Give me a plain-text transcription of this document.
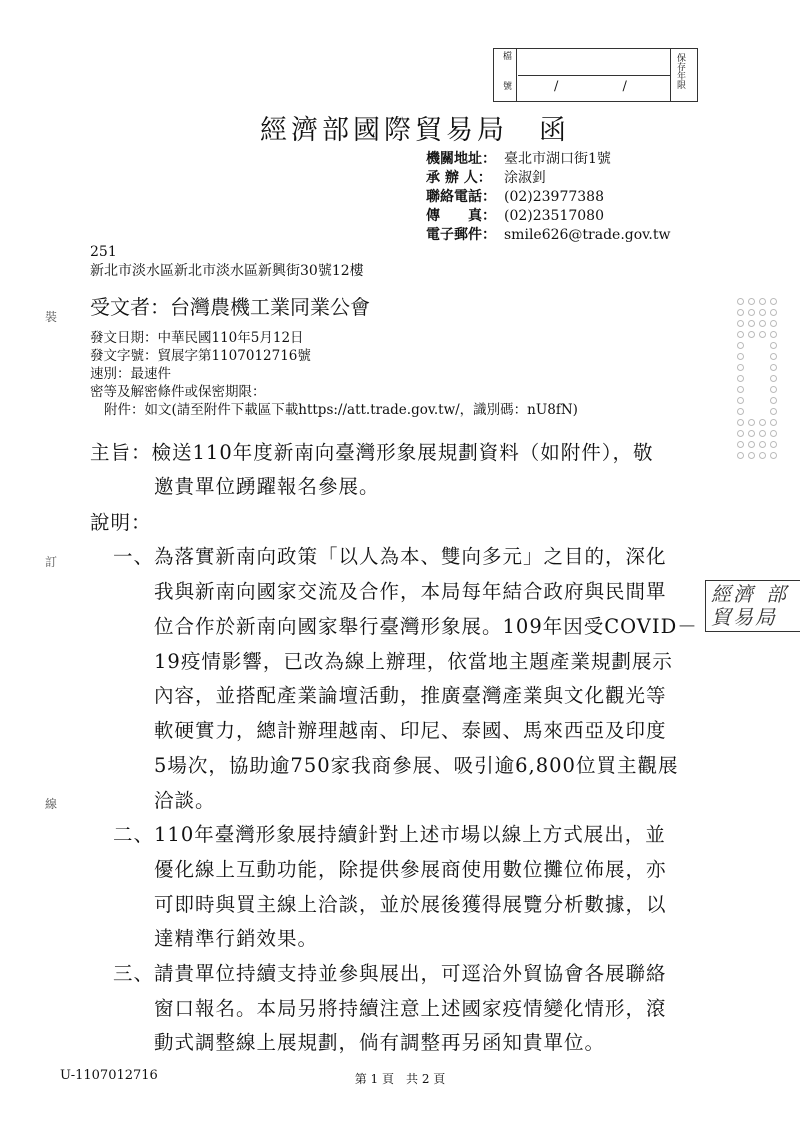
檔
號	/ / 保存年限
經濟部國際貿易局　函
機關地址： 臺北市湖口街1號
承 辦 人： 涂淑釗
聯絡電話： (02)23977388
傳　　真： (02)23517080
電子郵件： smile626@trade.gov.tw
251
新北市淡水區新北市淡水區新興街30號12樓
受文者：台灣農機工業同業公會
發文日期：中華民國110年5月12日
發文字號：貿展字第1107012716號
速別：最速件
密等及解密條件或保密期限：
附件：如文(請至附件下載區下載https://att.trade.gov.tw/，識別碼：nU8fN)
主旨：檢送110年度新南向臺灣形象展規劃資料（如附件），敬
邀貴單位踴躍報名參展。
說明：
一、為落實新南向政策「以人為本、雙向多元」之目的，深化
我與新南向國家交流及合作，本局每年結合政府與民間單
位合作於新南向國家舉行臺灣形象展。109年因受COVID－
19疫情影響，已改為線上辦理，依當地主題產業規劃展示
內容，並搭配產業論壇活動，推廣臺灣產業與文化觀光等
軟硬實力，總計辦理越南、印尼、泰國、馬來西亞及印度
5場次，協助逾750家我商參展、吸引逾6,800位買主觀展
洽談。
二、110年臺灣形象展持續針對上述市場以線上方式展出，並
優化線上互動功能，除提供參展商使用數位攤位佈展，亦
可即時與買主線上洽談，並於展後獲得展覽分析數據，以
達精準行銷效果。
三、請貴單位持續支持並參與展出，可逕洽外貿協會各展聯絡
窗口報名。本局另將持續注意上述國家疫情變化情形，滾
動式調整線上展規劃，倘有調整再另函知貴單位。
裝
訂
線
經濟 部
貿易局
U-1107012716	第 1 頁　共 2 頁
